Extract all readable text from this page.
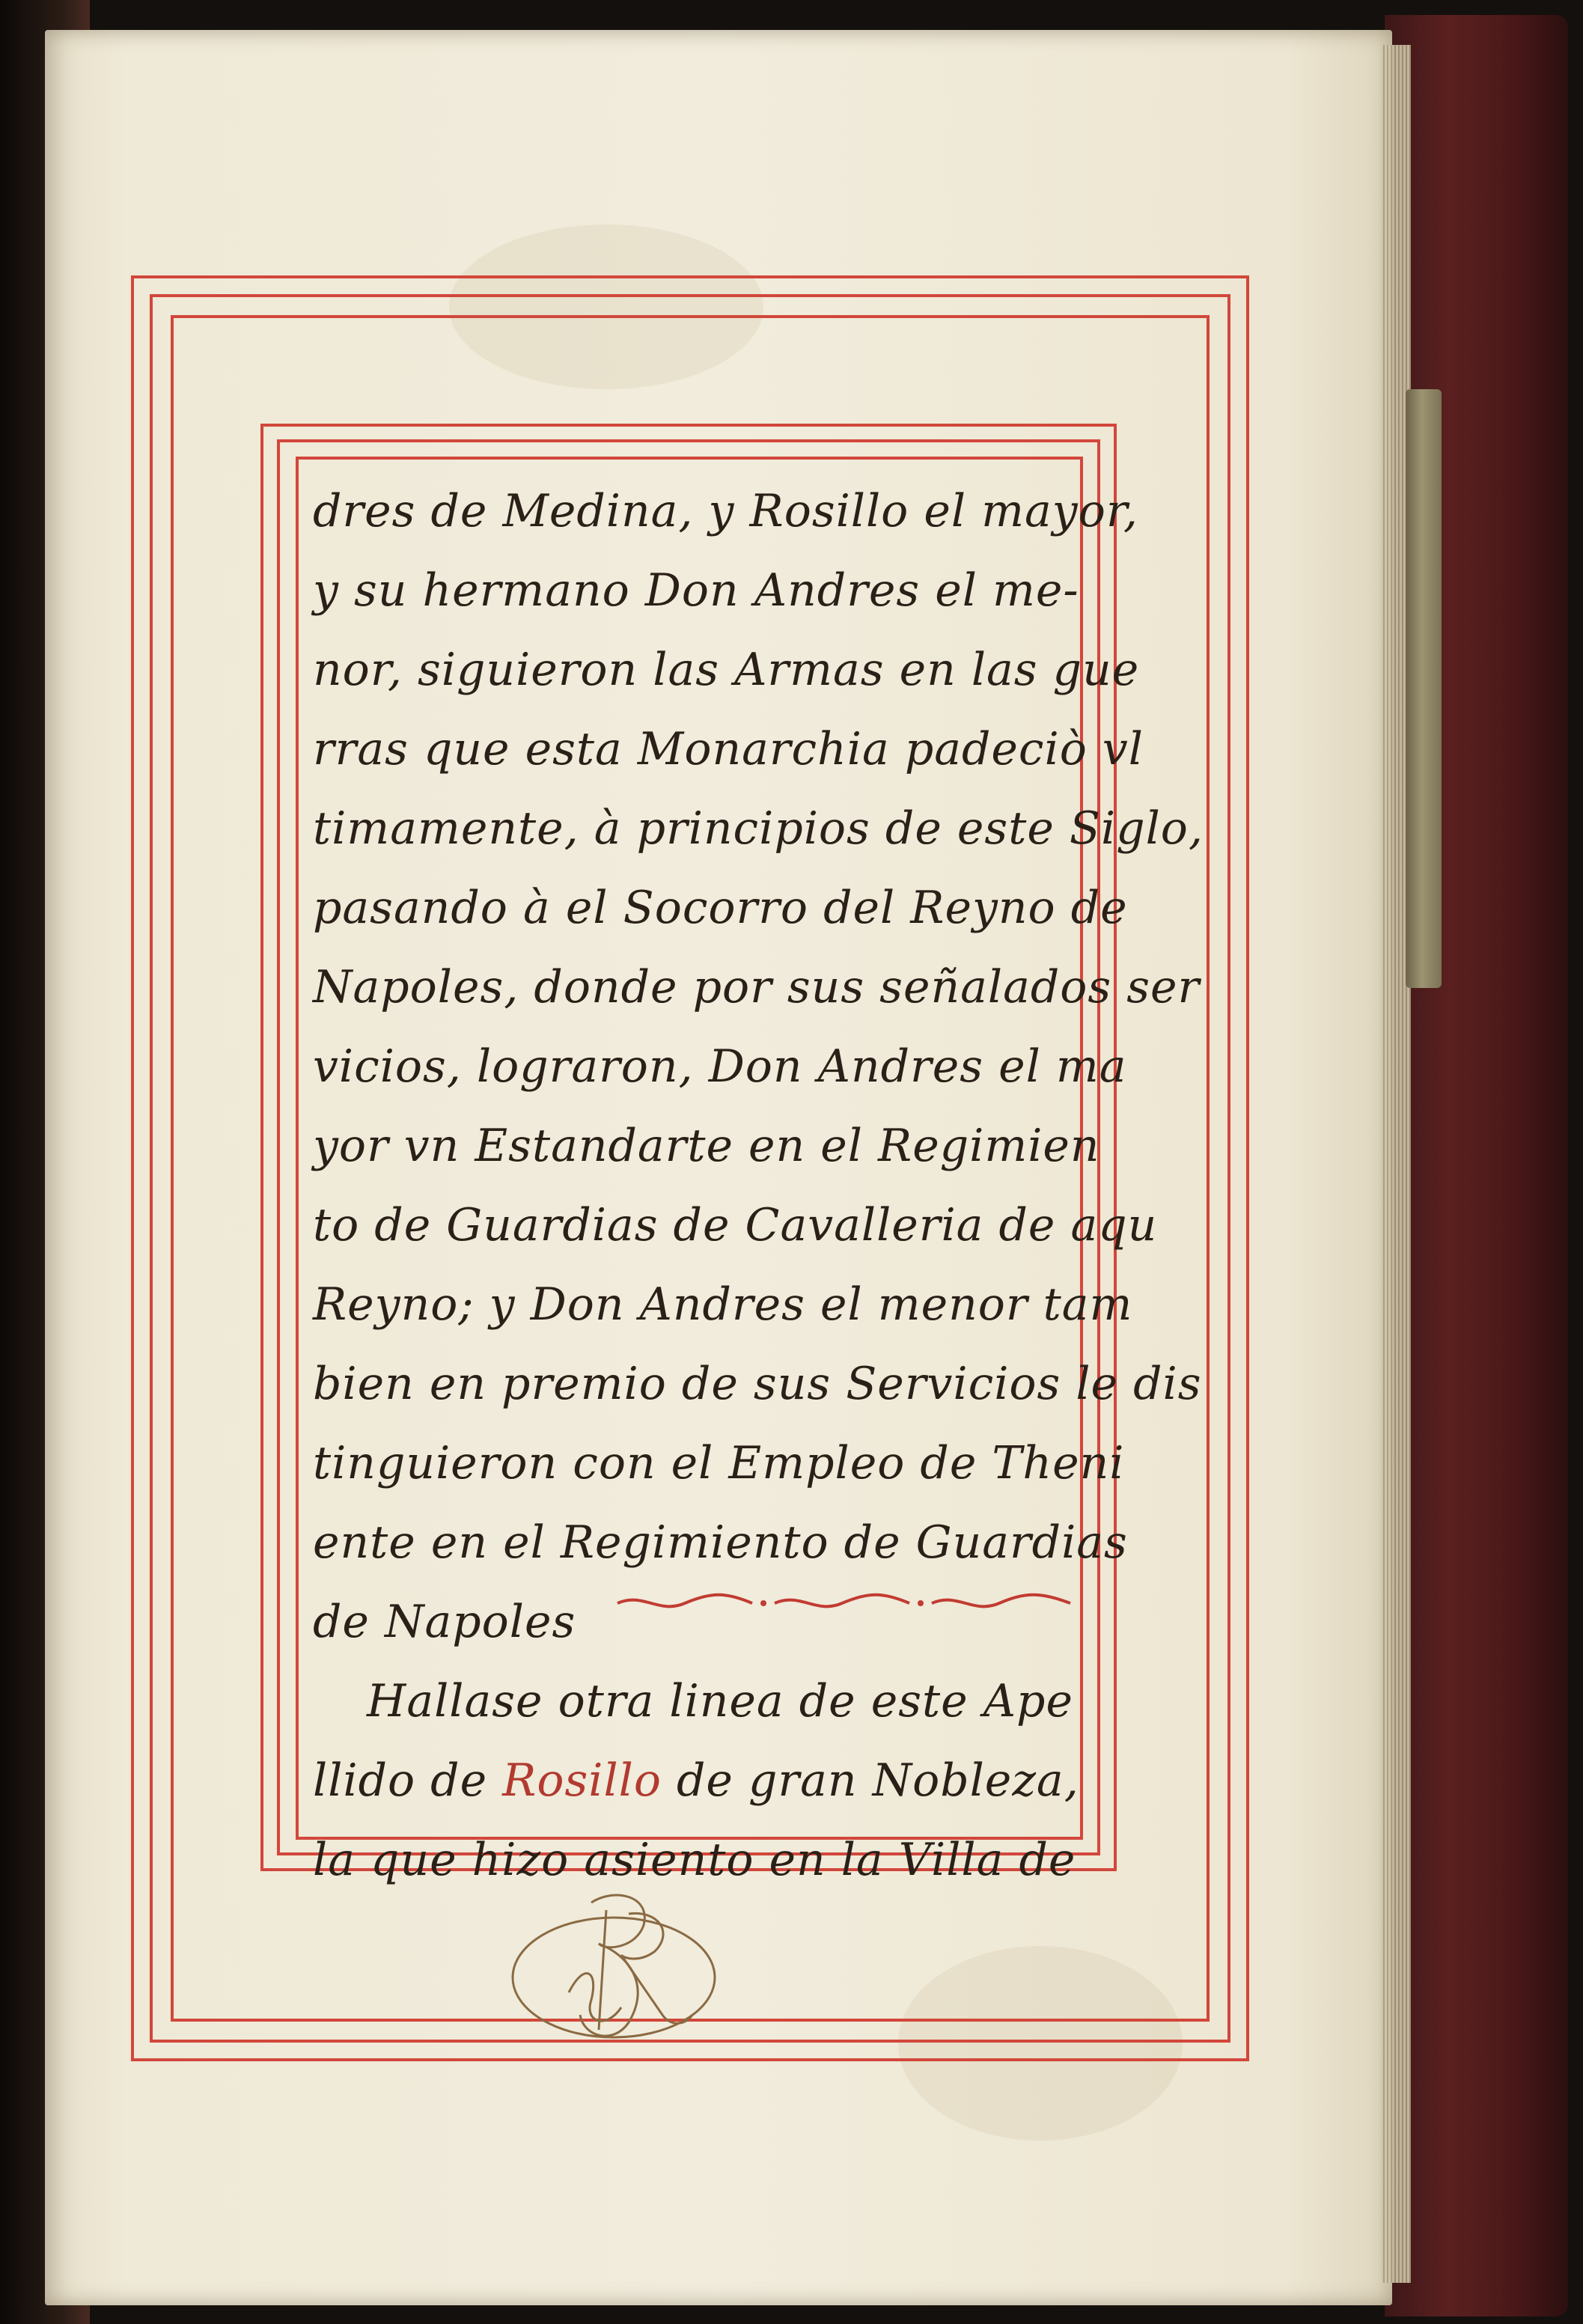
dres de Medina, y Rosillo el mayor,
y su hermano Don Andres el me-
nor, siguieron las Armas en las gue
rras que esta Monarchia padeciò vl
timamente, à principios de este Siglo,
pasando à el Socorro del Reyno de
Napoles, donde por sus señalados ser
vicios, lograron, Don Andres el ma
yor vn Estandarte en el Regimien
to de Guardias de Cavalleria de aqu
Reyno; y Don Andres el menor tam
bien en premio de sus Servicios le dis
tinguieron con el Empleo de Theni
ente en el Regimiento de Guardias
de Napoles
Hallase otra linea de este Ape
llido de Rosillo de gran Nobleza,
la que hizo asiento en la Villa de
